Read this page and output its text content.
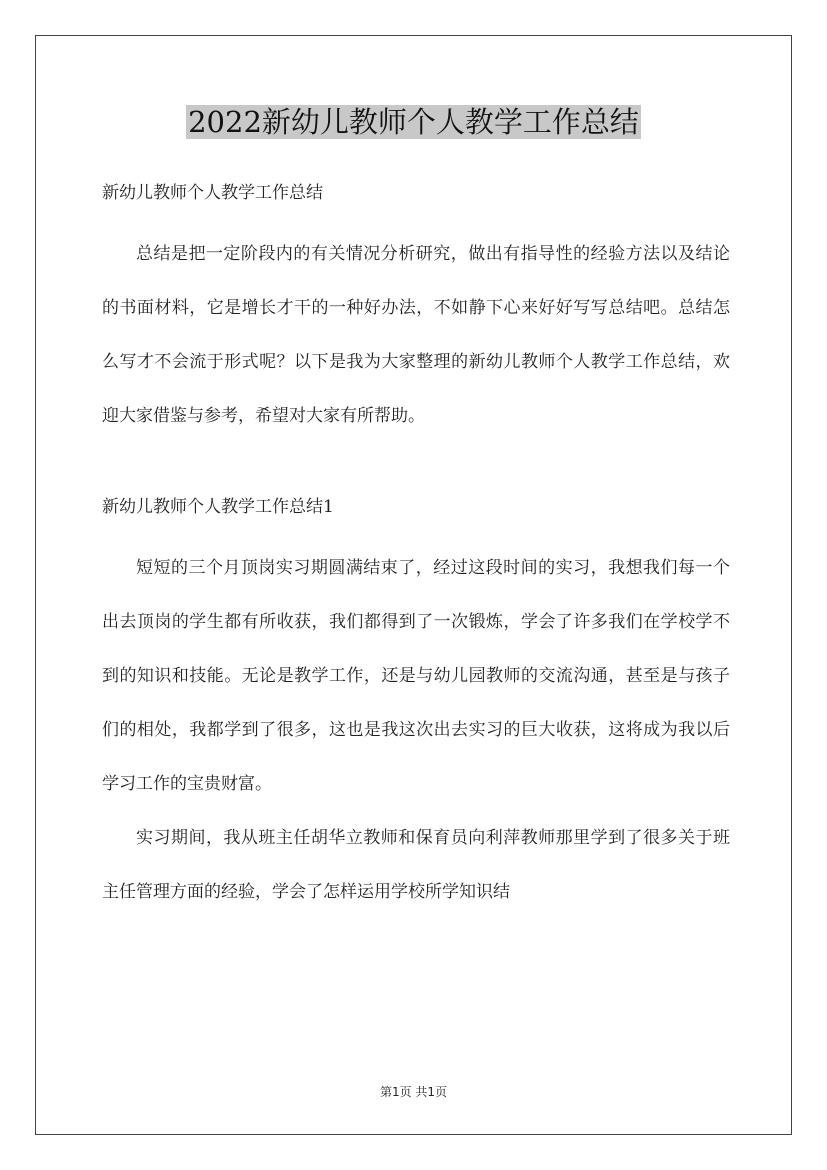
2022新幼儿教师个人教学工作总结

新幼儿教师个人教学工作总结

总结是把一定阶段内的有关情况分析研究，做出有指导性的经验方法以及结论的书面材料，它是增长才干的一种好办法，不如静下心来好好写写总结吧。总结怎么写才不会流于形式呢？以下是我为大家整理的新幼儿教师个人教学工作总结，欢迎大家借鉴与参考，希望对大家有所帮助。

新幼儿教师个人教学工作总结1

短短的三个月顶岗实习期圆满结束了，经过这段时间的实习，我想我们每一个出去顶岗的学生都有所收获，我们都得到了一次锻炼，学会了许多我们在学校学不到的知识和技能。无论是教学工作，还是与幼儿园教师的交流沟通，甚至是与孩子们的相处，我都学到了很多，这也是我这次出去实习的巨大收获，这将成为我以后学习工作的宝贵财富。

实习期间，我从班主任胡华立教师和保育员向利萍教师那里学到了很多关于班主任管理方面的经验，学会了怎样运用学校所学知识结

第1页 共1页
